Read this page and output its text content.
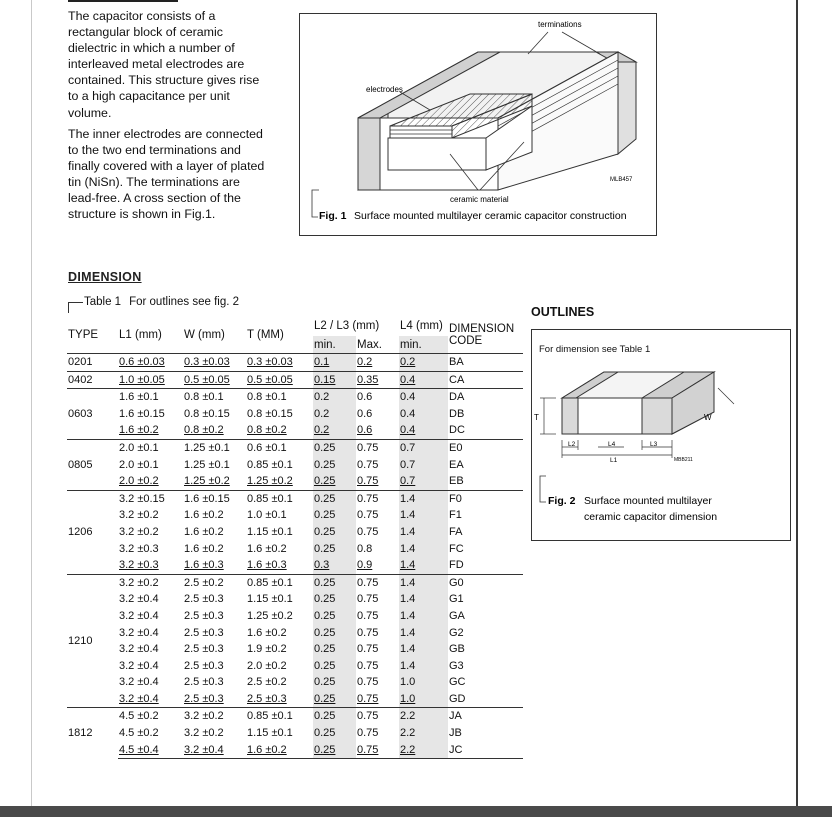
The capacitor consists of a rectangular block of ceramic dielectric in which a number of interleaved metal electrodes are contained. This structure gives rise to a high capacitance per unit volume.

The inner electrodes are connected to the two end terminations and finally covered with a layer of plated tin (NiSn). The terminations are lead-free. A cross section of the structure is shown in Fig.1.

terminations
electrodes
ceramic material
MLB457
Fig. 1 Surface mounted multilayer ceramic capacitor construction
DIMENSION
Table 1 For outlines see fig. 2
TYPE	L1 (mm)	W (mm)	T (MM)	L2 / L3 (mm)		L4 (mm)	DIMENSION CODE
				min.	Max.	min.	
0201	0.6 ±0.03	0.3 ±0.03	0.3 ±0.03	0.1	0.2	0.2	BA
0402	1.0 ±0.05	0.5 ±0.05	0.5 ±0.05	0.15	0.35	0.4	CA
0603	1.6 ±0.1	0.8 ±0.1	0.8 ±0.1	0.2	0.6	0.4	DA
	1.6 ±0.15	0.8 ±0.15	0.8 ±0.15	0.2	0.6	0.4	DB
	1.6 ±0.2	0.8 ±0.2	0.8 ±0.2	0.2	0.6	0.4	DC
0805	2.0 ±0.1	1.25 ±0.1	0.6 ±0.1	0.25	0.75	0.7	E0
	2.0 ±0.1	1.25 ±0.1	0.85 ±0.1	0.25	0.75	0.7	EA
	2.0 ±0.2	1.25 ±0.2	1.25 ±0.2	0.25	0.75	0.7	EB
1206	3.2 ±0.15	1.6 ±0.15	0.85 ±0.1	0.25	0.75	1.4	F0
	3.2 ±0.2	1.6 ±0.2	1.0 ±0.1	0.25	0.75	1.4	F1
	3.2 ±0.2	1.6 ±0.2	1.15 ±0.1	0.25	0.75	1.4	FA
	3.2 ±0.3	1.6 ±0.2	1.6 ±0.2	0.25	0.8	1.4	FC
	3.2 ±0.3	1.6 ±0.3	1.6 ±0.3	0.3	0.9	1.4	FD
1210	3.2 ±0.2	2.5 ±0.2	0.85 ±0.1	0.25	0.75	1.4	G0
	3.2 ±0.4	2.5 ±0.3	1.15 ±0.1	0.25	0.75	1.4	G1
	3.2 ±0.4	2.5 ±0.3	1.25 ±0.2	0.25	0.75	1.4	GA
	3.2 ±0.4	2.5 ±0.3	1.6 ±0.2	0.25	0.75	1.4	G2
	3.2 ±0.4	2.5 ±0.3	1.9 ±0.2	0.25	0.75	1.4	GB
	3.2 ±0.4	2.5 ±0.3	2.0 ±0.2	0.25	0.75	1.4	G3
	3.2 ±0.4	2.5 ±0.3	2.5 ±0.2	0.25	0.75	1.0	GC
	3.2 ±0.4	2.5 ±0.3	2.5 ±0.3	0.25	0.75	1.0	GD
1812	4.5 ±0.2	3.2 ±0.2	0.85 ±0.1	0.25	0.75	2.2	JA
	4.5 ±0.2	3.2 ±0.2	1.15 ±0.1	0.25	0.75	2.2	JB
	4.5 ±0.4	3.2 ±0.4	1.6 ±0.2	0.25	0.75	2.2	JC
OUTLINES
For dimension see Table 1
T	W
L2	L4	L3
L1	MBB211
Fig. 2 Surface mounted multilayer
ceramic capacitor dimension
